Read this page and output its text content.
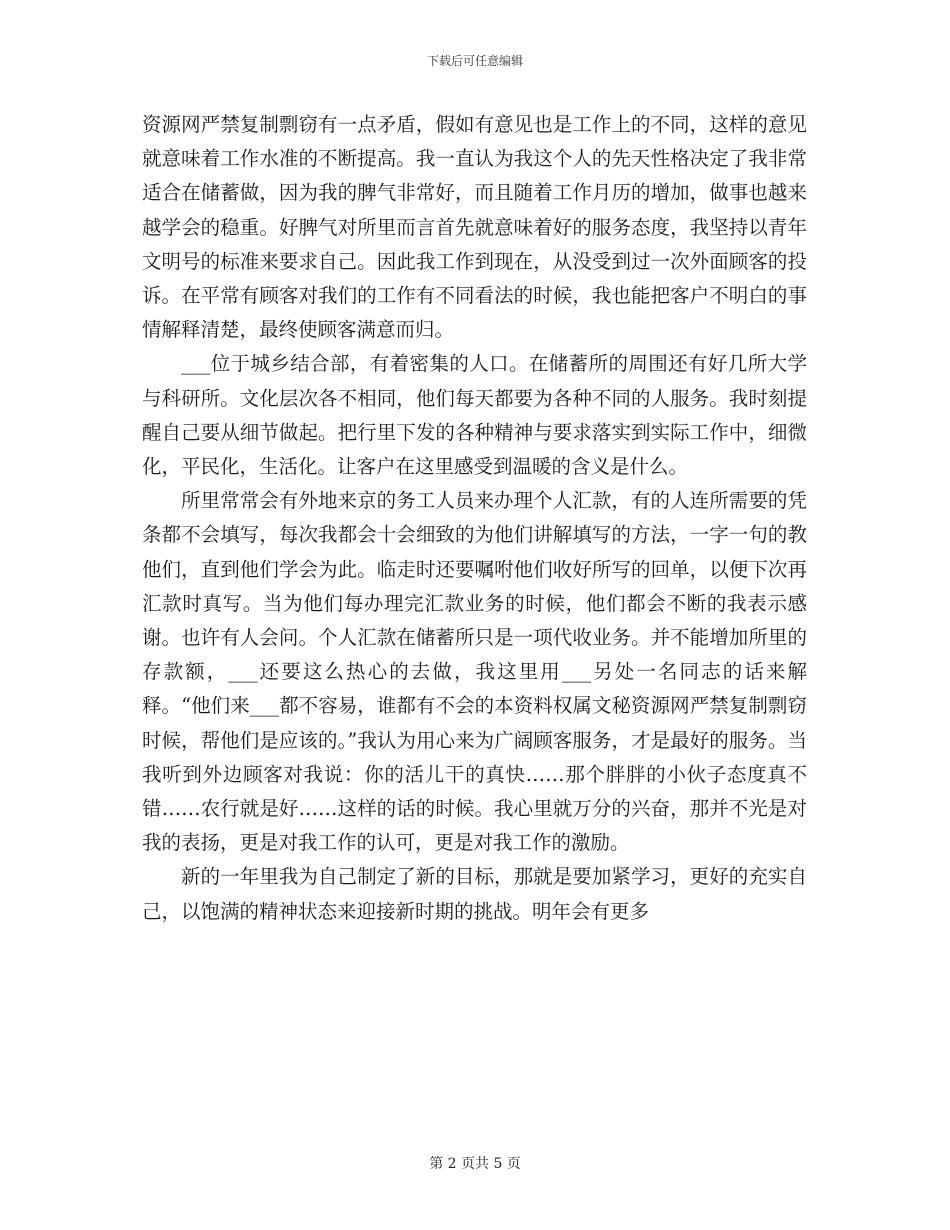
下载后可任意编辑

资源网严禁复制剽窃有一点矛盾，假如有意见也是工作上的不同，这样的意见就意味着工作水准的不断提高。我一直认为我这个人的先天性格决定了我非常适合在储蓄做，因为我的脾气非常好，而且随着工作月历的增加，做事也越来越学会的稳重。好脾气对所里而言首先就意味着好的服务态度，我坚持以青年文明号的标准来要求自己。因此我工作到现在，从没受到过一次外面顾客的投诉。在平常有顾客对我们的工作有不同看法的时候，我也能把客户不明白的事情解释清楚，最终使顾客满意而归。

___位于城乡结合部，有着密集的人口。在储蓄所的周围还有好几所大学与科研所。文化层次各不相同，他们每天都要为各种不同的人服务。我时刻提醒自己要从细节做起。把行里下发的各种精神与要求落实到实际工作中，细微化，平民化，生活化。让客户在这里感受到温暖的含义是什么。

所里常常会有外地来京的务工人员来办理个人汇款，有的人连所需要的凭条都不会填写，每次我都会十会细致的为他们讲解填写的方法，一字一句的教他们，直到他们学会为此。临走时还要嘱咐他们收好所写的回单，以便下次再汇款时真写。当为他们每办理完汇款业务的时候，他们都会不断的我表示感谢。也许有人会问。个人汇款在储蓄所只是一项代收业务。并不能增加所里的存款额，___还要这么热心的去做，我这里用___另处一名同志的话来解释。“他们来___都不容易，谁都有不会的本资料权属文秘资源网严禁复制剽窃时候，帮他们是应该的。”我认为用心来为广阔顾客服务，才是最好的服务。当我听到外边顾客对我说：你的活儿干的真快……那个胖胖的小伙子态度真不错……农行就是好……这样的话的时候。我心里就万分的兴奋，那并不光是对我的表扬，更是对我工作的认可，更是对我工作的激励。

新的一年里我为自己制定了新的目标，那就是要加紧学习，更好的充实自己，以饱满的精神状态来迎接新时期的挑战。明年会有更多

第 2 页共 5 页
